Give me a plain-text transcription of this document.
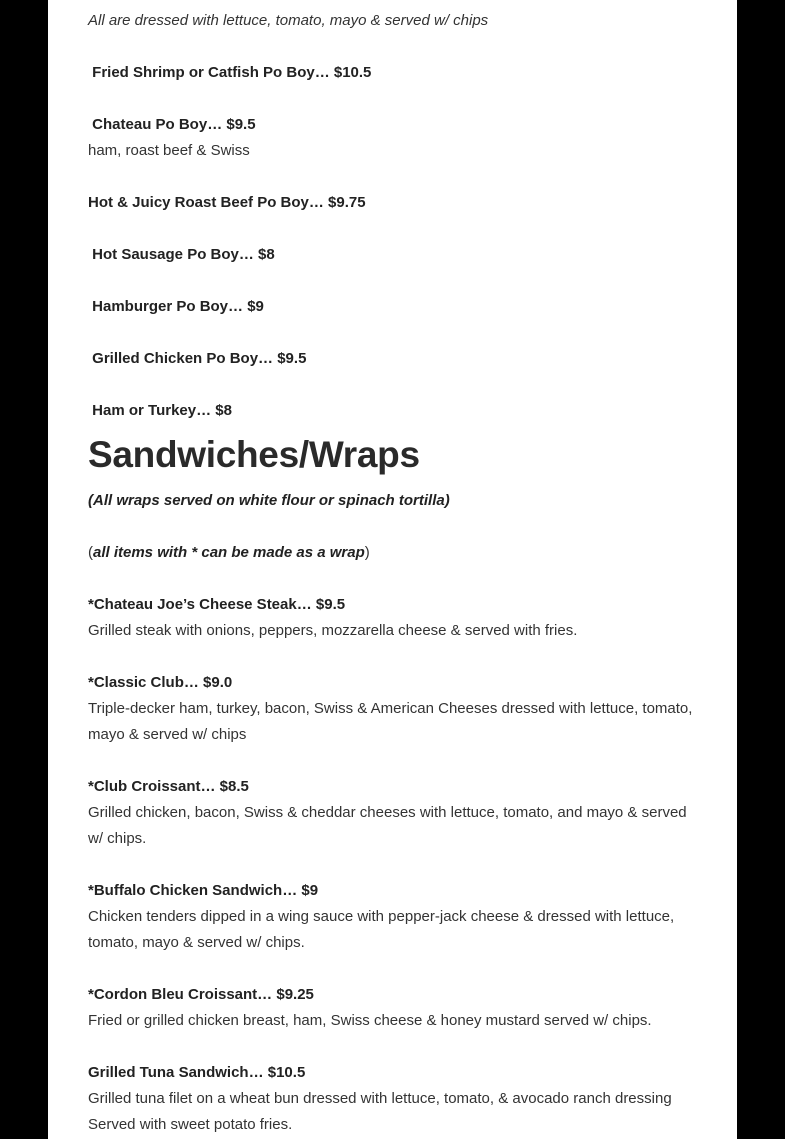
All are dressed with lettuce, tomato, mayo & served w/ chips
Fried Shrimp or Catfish Po Boy… $10.5
Chateau Po Boy… $9.5
ham, roast beef & Swiss
Hot & Juicy Roast Beef Po Boy… $9.75
Hot Sausage Po Boy… $8
Hamburger Po Boy… $9
Grilled Chicken Po Boy… $9.5
Ham or Turkey… $8
Sandwiches/Wraps
(All wraps served on white flour or spinach tortilla)
(all items with * can be made as a wrap)
*Chateau Joe’s Cheese Steak… $9.5
Grilled steak with onions, peppers, mozzarella cheese & served with fries.
*Classic Club… $9.0
Triple-decker ham, turkey, bacon, Swiss & American Cheeses dressed with lettuce, tomato, mayo & served w/ chips
*Club Croissant… $8.5
Grilled chicken, bacon, Swiss & cheddar cheeses with lettuce, tomato, and mayo & served w/ chips.
*Buffalo Chicken Sandwich… $9
Chicken tenders dipped in a wing sauce with pepper-jack cheese & dressed with lettuce, tomato, mayo & served w/ chips.
*Cordon Bleu Croissant… $9.25
Fried or grilled chicken breast, ham, Swiss cheese & honey mustard served w/ chips.
Grilled Tuna Sandwich… $10.5
Grilled tuna filet on a wheat bun dressed with lettuce, tomato, & avocado ranch dressing
Served with sweet potato fries.
